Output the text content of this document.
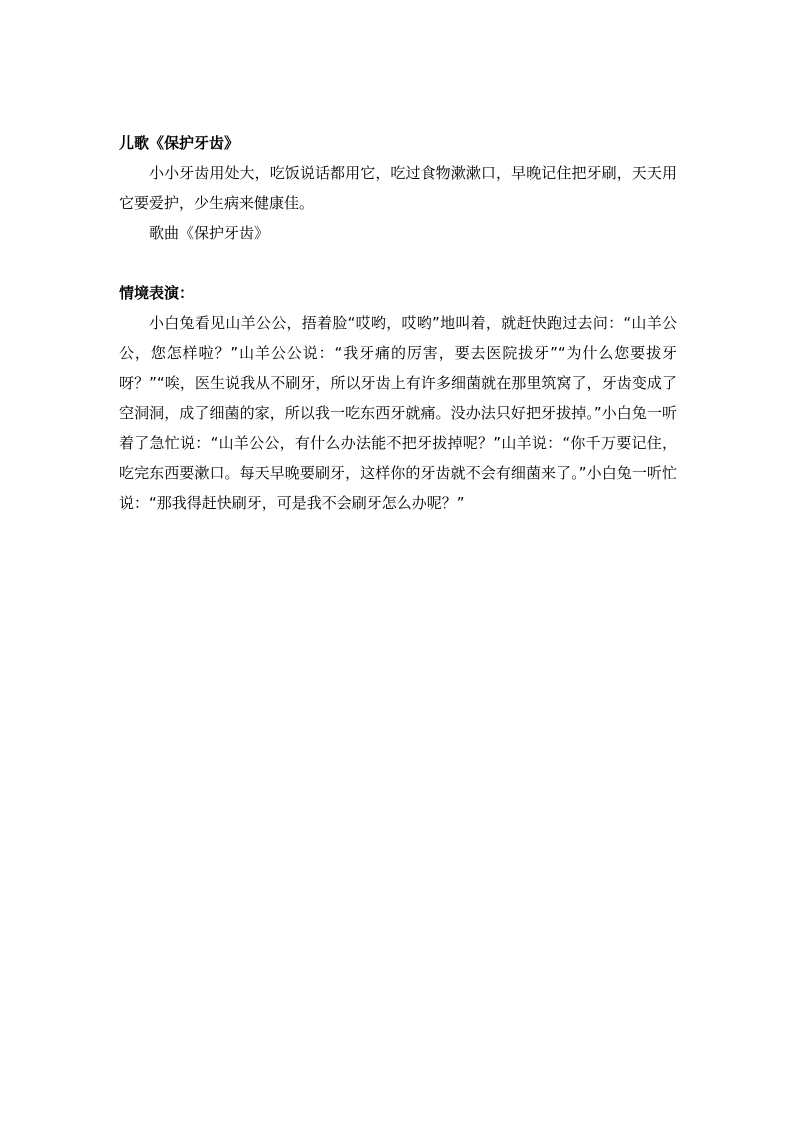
儿歌《保护牙齿》

小小牙齿用处大，吃饭说话都用它，吃过食物漱漱口，早晚记住把牙刷，天天用它要爱护，少生病来健康佳。

歌曲《保护牙齿》

情境表演：

小白兔看见山羊公公，捂着脸“哎哟，哎哟”地叫着，就赶快跑过去问：“山羊公公，您怎样啦？”山羊公公说：“我牙痛的厉害，要去医院拔牙”“为什么您要拔牙呀？”“唉，医生说我从不刷牙，所以牙齿上有许多细菌就在那里筑窝了，牙齿变成了空洞洞，成了细菌的家，所以我一吃东西牙就痛。没办法只好把牙拔掉。”小白兔一听着了急忙说：“山羊公公，有什么办法能不把牙拔掉呢？”山羊说：“你千万要记住，吃完东西要漱口。每天早晚要刷牙，这样你的牙齿就不会有细菌来了。”小白兔一听忙说：“那我得赶快刷牙，可是我不会刷牙怎么办呢？”
